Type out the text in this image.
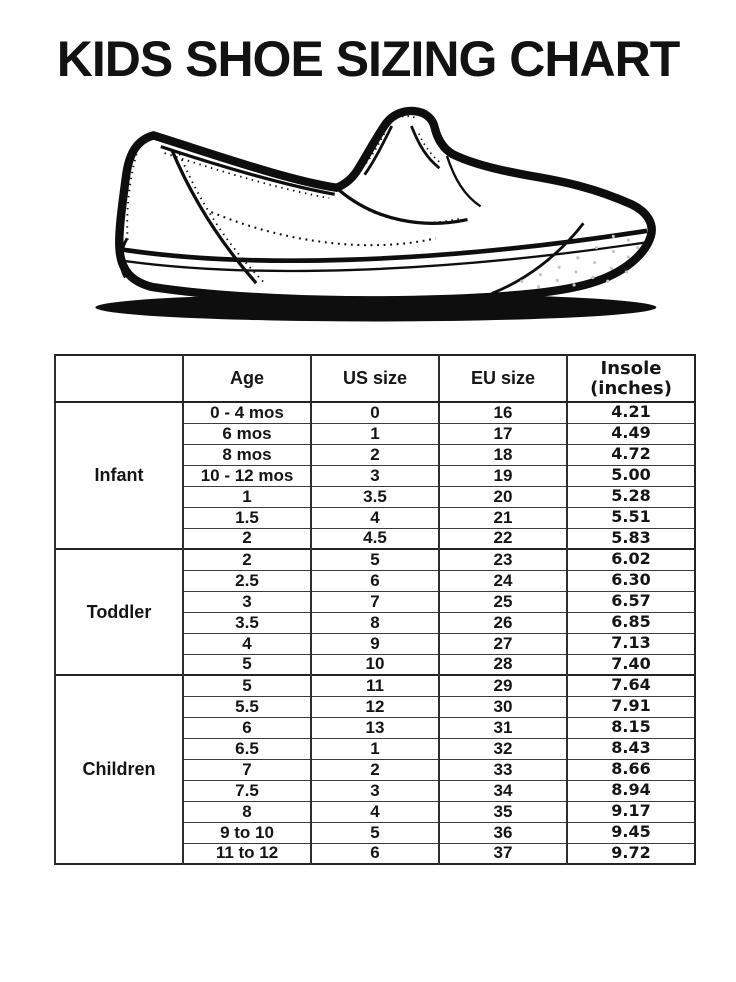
KIDS SHOE SIZING CHART
	Age	US size	EU size	Insole
(inches)

Infant	0 - 4 mos	0	16	4.21
	6 mos	1	17	4.49
	8 mos	2	18	4.72
	10 - 12 mos	3	19	5.00
	1	3.5	20	5.28
	1.5	4	21	5.51
	2	4.5	22	5.83
Toddler	2	5	23	6.02
	2.5	6	24	6.30
	3	7	25	6.57
	3.5	8	26	6.85
	4	9	27	7.13
	5	10	28	7.40
Children	5	11	29	7.64
	5.5	12	30	7.91
	6	13	31	8.15
	6.5	1	32	8.43
	7	2	33	8.66
	7.5	3	34	8.94
	8	4	35	9.17
	9 to 10	5	36	9.45
	11 to 12	6	37	9.72
